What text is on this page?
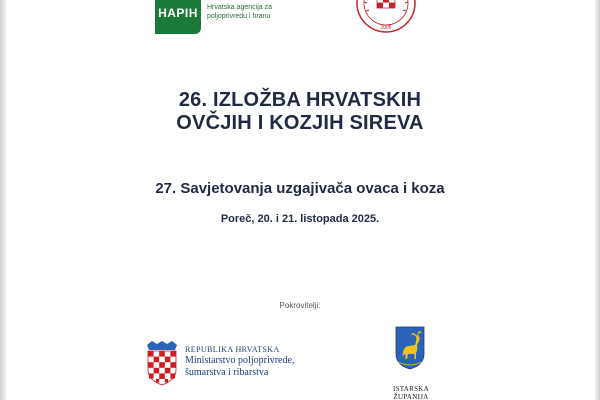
HAPIH	Hrvatska agencija za
poljoprivredu i hranu
2005
26. IZLOŽBA HRVATSKIH
OVČJIH I KOZJIH SIREVA
27. Savjetovanja uzgajivača ovaca i koza
Poreč, 20. i 21. listopada 2025.
Pokrovitelji:
REPUBLIKA HRVATSKA
Ministarstvo poljoprivrede,
šumarstva i ribarstva
ISTARSKA ŽUPANIJA
